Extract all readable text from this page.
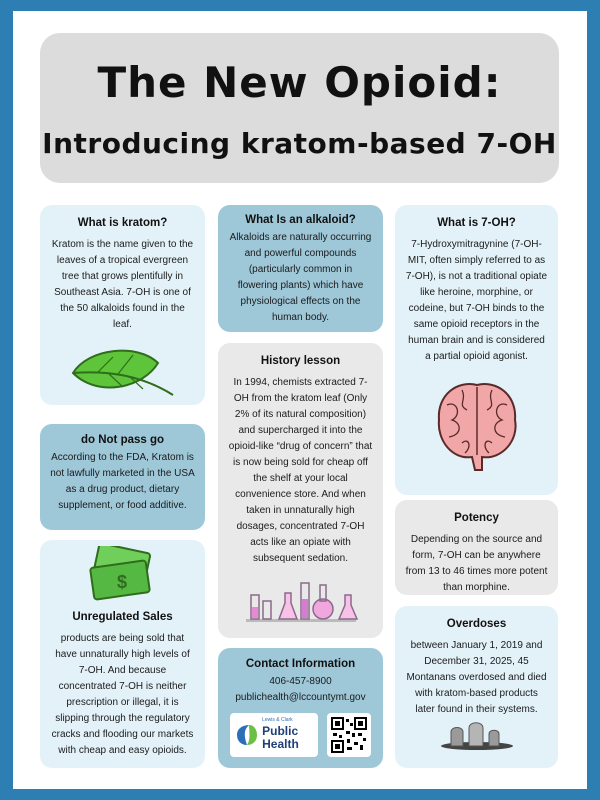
The New Opioid:
Introducing kratom-based 7-OH
What is kratom?

Kratom is the name given to the leaves of a tropical evergreen tree that grows plentifully in Southeast Asia. 7-OH is one of the 50 alkaloids found in the leaf.

What Is an alkaloid?

Alkaloids are naturally occurring and powerful compounds (particularly common in flowering plants) which have physiological effects on the human body.

What is 7-OH?

7-Hydroxymitragynine (7-OH-MIT, often simply referred to as 7-OH), is not a traditional opiate like heroine, morphine, or codeine, but 7-OH binds to the same opioid receptors in the human brain and is considered a partial opioid agonist.

History lesson

In 1994, chemists extracted 7-OH from the kratom leaf (Only 2% of its natural composition) and supercharged it into the opioid-like “drug of concern” that is now being sold for cheap off the shelf at your local convenience store. And when taken in unnaturally high dosages, concentrated 7-OH acts like an opiate with subsequent sedation.

do Not pass go

According to the FDA, Kratom is not lawfully marketed in the USA as a drug product, dietary supplement, or food additive.

$
Unregulated Sales

products are being sold that have unnaturally high levels of 7-OH. And because concentrated 7-OH is neither prescription or illegal, it is slipping through the regulatory cracks and flooding our markets with cheap and easy opioids.

Potency

Depending on the source and form, 7-OH can be anywhere from 13 to 46 times more potent than morphine.

Overdoses

between January 1, 2019 and December 31, 2025, 45 Montanans overdosed and died with kratom-based products later found in their systems.

Contact Information

406-457-8900

publichealth@lccountymt.gov

Lewis & Clark
Public
Health
